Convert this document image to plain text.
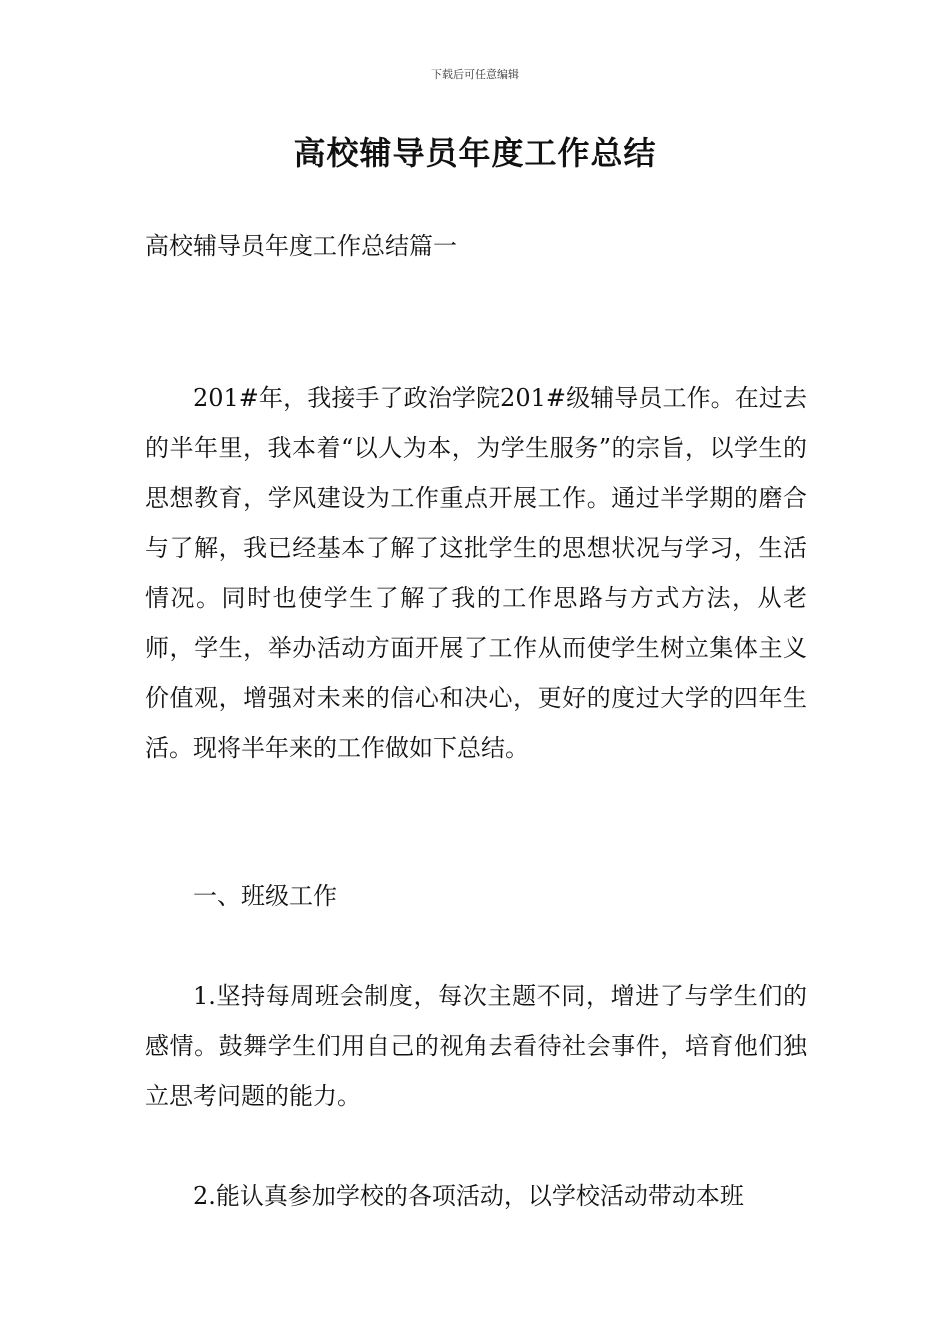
下载后可任意编辑
高校辅导员年度工作总结
高校辅导员年度工作总结篇一

201#年，我接手了政治学院201#级辅导员工作。在过去的半年里，我本着“以人为本，为学生服务”的宗旨，以学生的思想教育，学风建设为工作重点开展工作。通过半学期的磨合与了解，我已经基本了解了这批学生的思想状况与学习，生活情况。同时也使学生了解了我的工作思路与方式方法，从老师，学生，举办活动方面开展了工作从而使学生树立集体主义价值观，增强对未来的信心和决心，更好的度过大学的四年生活。现将半年来的工作做如下总结。

一、班级工作

1.坚持每周班会制度，每次主题不同，增进了与学生们的感情。鼓舞学生们用自己的视角去看待社会事件，培育他们独立思考问题的能力。

2.能认真参加学校的各项活动，以学校活动带动本班
